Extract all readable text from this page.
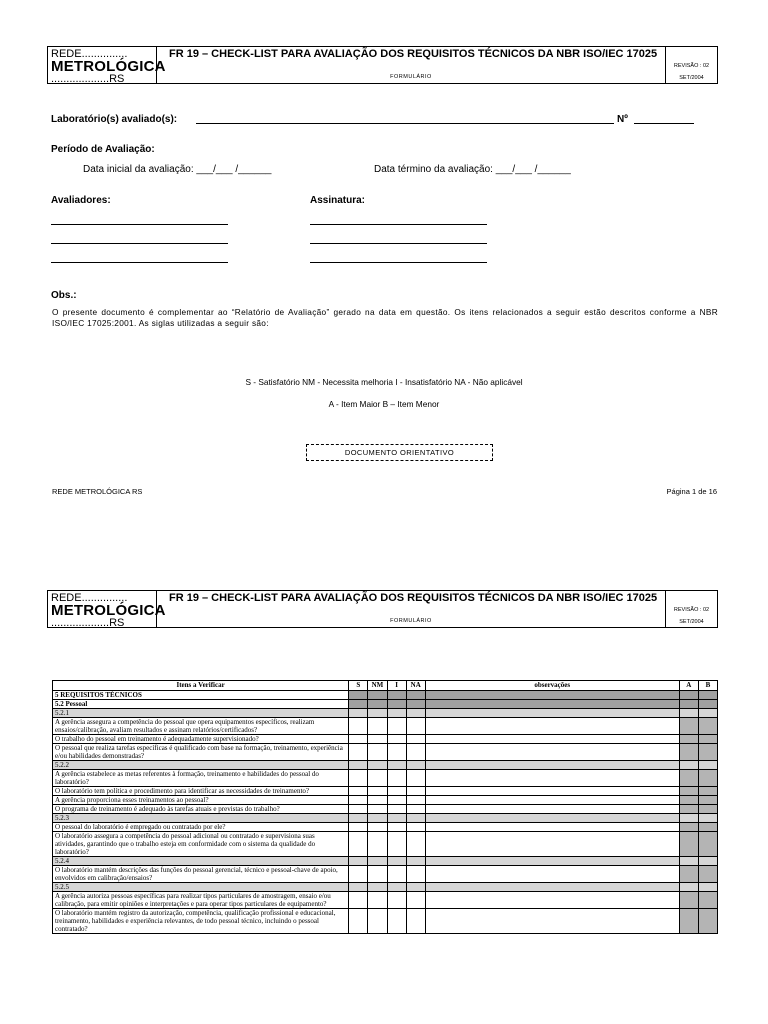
REDE...............
METROLÓGICA
...................RS
FR 19 – CHECK-LIST PARA AVALIAÇÃO DOS REQUISITOS TÉCNICOS DA NBR ISO/IEC 17025
FORMULÁRIO
REVISÃO : 02
SET/2004
Laboratório(s) avaliado(s):	Nº
Período de Avaliação:
Data inicial da avaliação: ___/___ /______	Data término da avaliação: ___/___ /______
Avaliadores:	Assinatura:
Obs.:
O presente documento é complementar ao “Relatório de Avaliação” gerado na data em questão. Os itens relacionados a seguir estão descritos conforme a NBR ISO/IEC 17025:2001. As siglas utilizadas a seguir são:
S - Satisfatório NM - Necessita melhoria I - Insatisfatório NA - Não aplicável
A - Item Maior B – Item Menor
DOCUMENTO ORIENTATIVO
REDE METROLÓGICA RS	Página 1 de 16
REDE...............
METROLÓGICA
...................RS
FR 19 – CHECK-LIST PARA AVALIAÇÃO DOS REQUISITOS TÉCNICOS DA NBR ISO/IEC 17025
FORMULÁRIO
REVISÃO : 02
SET/2004
Itens a Verificar	S	NM	I	NA	observações	A	B
5 REQUISITOS TÉCNICOS							
5.2 Pessoal							
5.2.1							
A gerência assegura a competência do pessoal que opera equipamentos específicos, realizam ensaios/calibração, avaliam resultados e assinam relatórios/certificados?							
O trabalho do pessoal em treinamento é adequadamente supervisionado?							
O pessoal que realiza tarefas específicas é qualificado com base na formação, treinamento, experiência e/ou habilidades demonstradas?							
5.2.2							
A gerência estabelece as metas referentes à formação, treinamento e habilidades do pessoal do laboratório?							
O laboratório tem política e procedimento para identificar as necessidades de treinamento?							
A gerência proporciona esses treinamentos ao pessoal?							
O programa de treinamento é adequado às tarefas atuais e previstas do trabalho?							
5.2.3							
O pessoal do laboratório é empregado ou contratado por ele?							
O laboratório assegura a competência do pessoal adicional ou contratado e supervisiona suas atividades, garantindo que o trabalho esteja em conformidade com o sistema da qualidade do laboratório?							
5.2.4							
O laboratório mantém descrições das funções do pessoal gerencial, técnico e pessoal-chave de apoio, envolvidos em calibração/ensaios?							
5.2.5							
A gerência autoriza pessoas específicas para realizar tipos particulares de amostragem, ensaio e/ou calibração, para emitir opiniões e interpretações e para operar tipos particulares de equipamento?							
O laboratório mantém registro da autorização, competência, qualificação profissional e educacional, treinamento, habilidades e experiência relevantes, de todo pessoal técnico, incluindo o pessoal contratado?							
